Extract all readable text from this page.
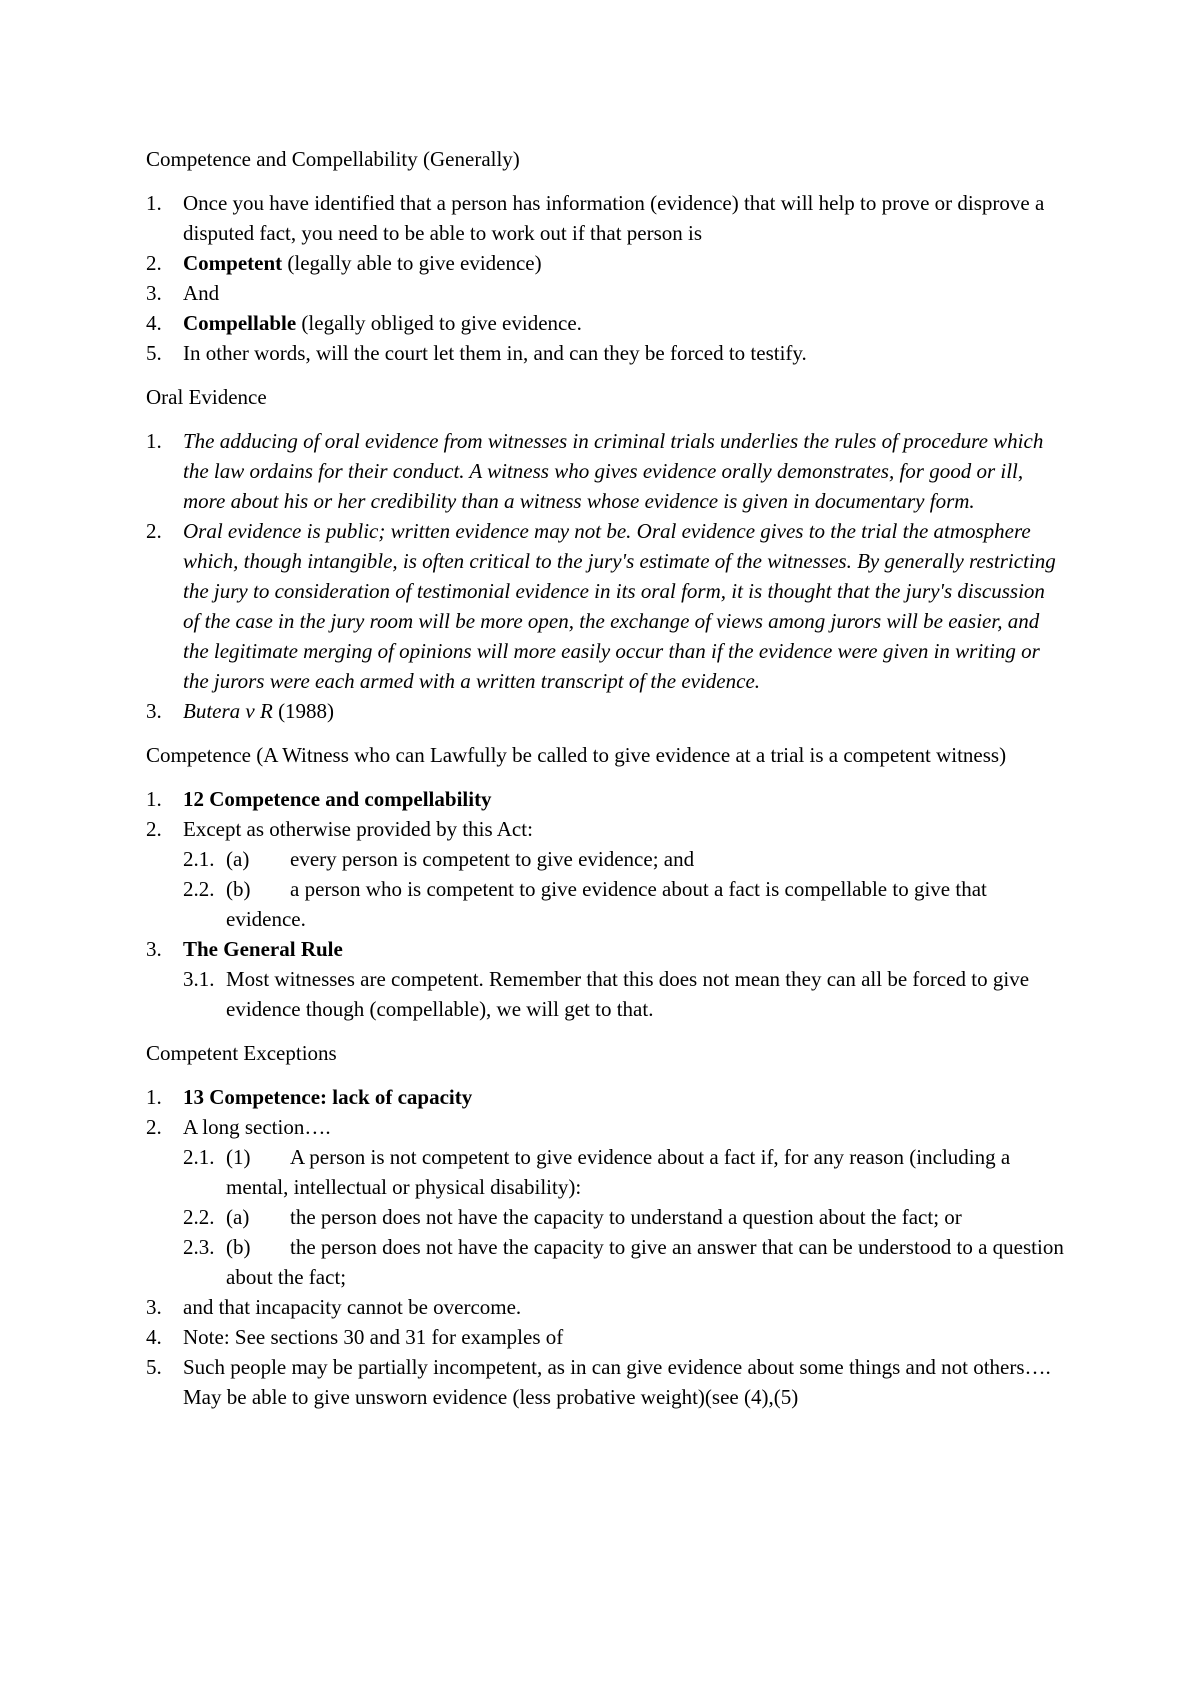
Competence and Compellability (Generally)

1. Once you have identified that a person has information (evidence) that will help to prove or disprove a disputed fact, you need to be able to work out if that person is
2. Competent (legally able to give evidence)
3. And
4. Compellable (legally obliged to give evidence.
5. In other words, will the court let them in, and can they be forced to testify.

Oral Evidence

1. The adducing of oral evidence from witnesses in criminal trials underlies the rules of procedure which the law ordains for their conduct. A witness who gives evidence orally demonstrates, for good or ill, more about his or her credibility than a witness whose evidence is given in documentary form.
2. Oral evidence is public; written evidence may not be. Oral evidence gives to the trial the atmosphere which, though intangible, is often critical to the jury's estimate of the witnesses. By generally restricting the jury to consideration of testimonial evidence in its oral form, it is thought that the jury's discussion of the case in the jury room will be more open, the exchange of views among jurors will be easier, and the legitimate merging of opinions will more easily occur than if the evidence were given in writing or the jurors were each armed with a written transcript of the evidence.
3. Butera v R (1988)

Competence (A Witness who can Lawfully be called to give evidence at a trial is a competent witness)

1. 12 Competence and compellability
2. Except as otherwise provided by this Act:
2.1. (a) every person is competent to give evidence; and
2.2. (b) a person who is competent to give evidence about a fact is compellable to give that evidence.
3. The General Rule
3.1. Most witnesses are competent. Remember that this does not mean they can all be forced to give evidence though (compellable), we will get to that.

Competent Exceptions

1. 13 Competence: lack of capacity
2. A long section….
2.1. (1) A person is not competent to give evidence about a fact if, for any reason (including a mental, intellectual or physical disability):
2.2. (a) the person does not have the capacity to understand a question about the fact; or
2.3. (b) the person does not have the capacity to give an answer that can be understood to a question about the fact;
3. and that incapacity cannot be overcome.
4. Note: See sections 30 and 31 for examples of
5. Such people may be partially incompetent, as in can give evidence about some things and not others…. May be able to give unsworn evidence (less probative weight)(see (4),(5)
